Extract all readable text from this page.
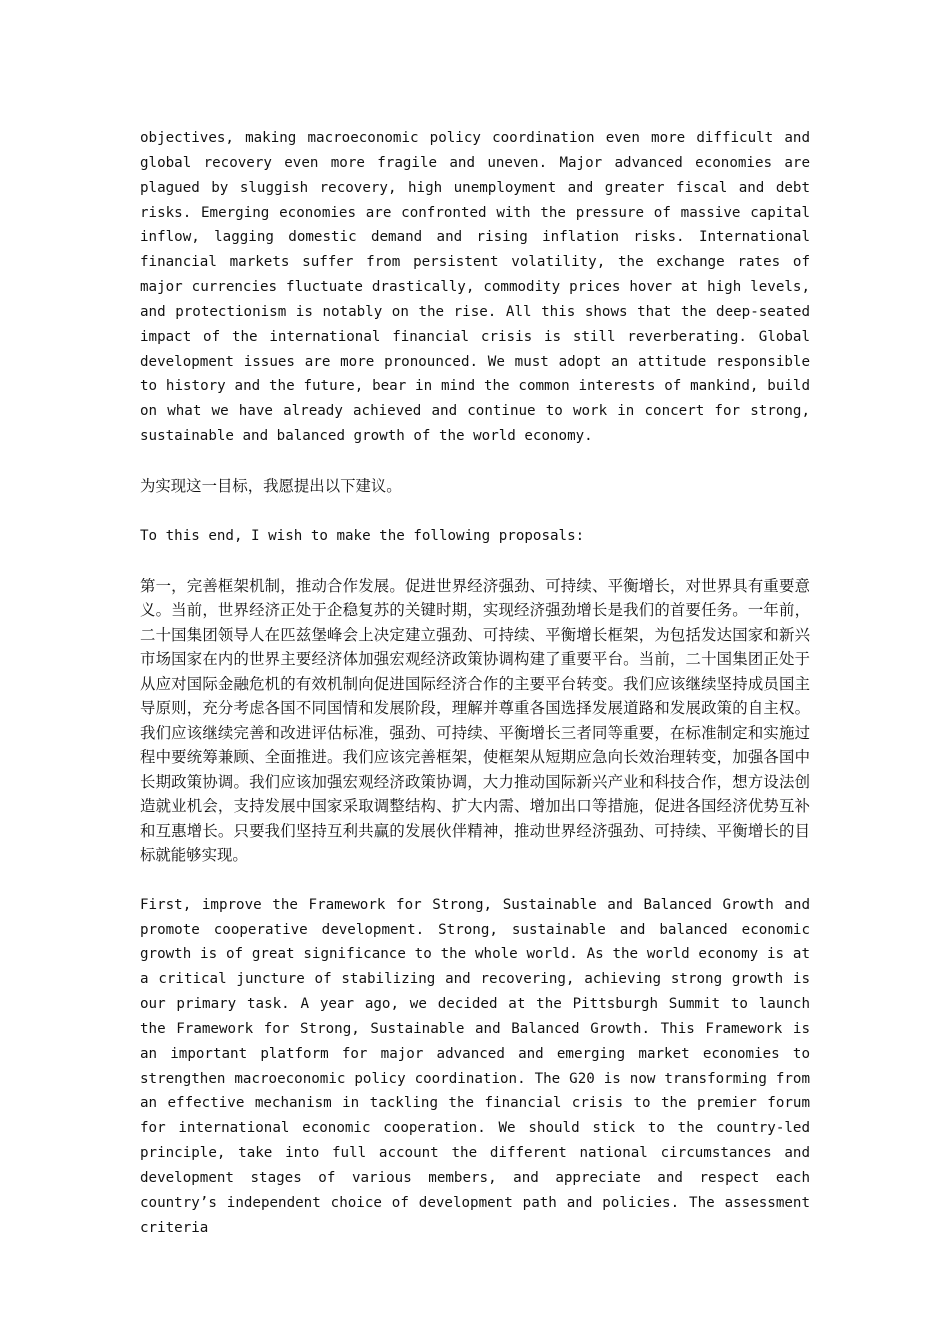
objectives, making macroeconomic policy coordination even more difficult and global recovery even more fragile and uneven. Major advanced economies are plagued by sluggish recovery, high unemployment and greater fiscal and debt risks. Emerging economies are confronted with the pressure of massive capital inflow, lagging domestic demand and rising inflation risks. International financial markets suffer from persistent volatility, the exchange rates of major currencies fluctuate drastically, commodity prices hover at high levels, and protectionism is notably on the rise. All this shows that the deep-seated impact of the international financial crisis is still reverberating. Global development issues are more pronounced. We must adopt an attitude responsible to history and the future, bear in mind the common interests of mankind, build on what we have already achieved and continue to work in concert for strong, sustainable and balanced growth of the world economy.

为实现这一目标，我愿提出以下建议。

To this end, I wish to make the following proposals:

第一，完善框架机制，推动合作发展。促进世界经济强劲、可持续、平衡增长，对世界具有重要意义。当前，世界经济正处于企稳复苏的关键时期，实现经济强劲增长是我们的首要任务。一年前，二十国集团领导人在匹兹堡峰会上决定建立强劲、可持续、平衡增长框架，为包括发达国家和新兴市场国家在内的世界主要经济体加强宏观经济政策协调构建了重要平台。当前，二十国集团正处于从应对国际金融危机的有效机制向促进国际经济合作的主要平台转变。我们应该继续坚持成员国主导原则，充分考虑各国不同国情和发展阶段，理解并尊重各国选择发展道路和发展政策的自主权。我们应该继续完善和改进评估标准，强劲、可持续、平衡增长三者同等重要，在标准制定和实施过程中要统筹兼顾、全面推进。我们应该完善框架，使框架从短期应急向长效治理转变，加强各国中长期政策协调。我们应该加强宏观经济政策协调，大力推动国际新兴产业和科技合作，想方设法创造就业机会，支持发展中国家采取调整结构、扩大内需、增加出口等措施，促进各国经济优势互补和互惠增长。只要我们坚持互利共赢的发展伙伴精神，推动世界经济强劲、可持续、平衡增长的目标就能够实现。

First, improve the Framework for Strong, Sustainable and Balanced Growth and promote cooperative development. Strong, sustainable and balanced economic growth is of great significance to the whole world. As the world economy is at a critical juncture of stabilizing and recovering, achieving strong growth is our primary task. A year ago, we decided at the Pittsburgh Summit to launch the Framework for Strong, Sustainable and Balanced Growth. This Framework is an important platform for major advanced and emerging market economies to strengthen macroeconomic policy coordination. The G20 is now transforming from an effective mechanism in tackling the financial crisis to the premier forum for international economic cooperation. We should stick to the country-led principle, take into full account the different national circumstances and development stages of various members, and appreciate and respect each country’s independent choice of development path and policies. The assessment criteria
